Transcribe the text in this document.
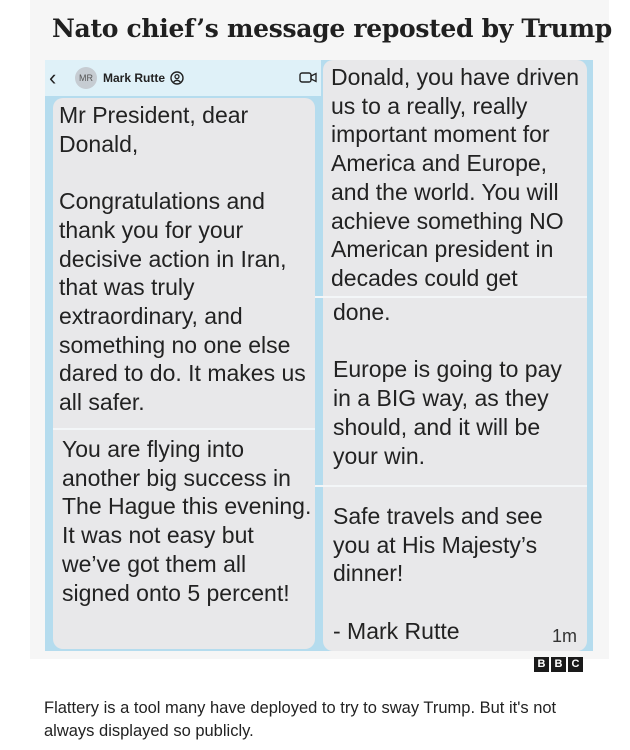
Nato chief’s message reposted by Trump
‹	MR Mark Rutte

Mr President, dear
Donald,

Congratulations and
thank you for your
decisive action in Iran,
that was truly
extraordinary, and
something no one else
dared to do. It makes us
all safer.

You are flying into
another big success in
The Hague this evening.
It was not easy but
we’ve got them all
signed onto 5 percent!

Donald, you have driven
us to a really, really
important moment for
America and Europe,
and the world. You will
achieve something NO
American president in
decades could get

done.

Europe is going to pay
in a BIG way, as they
should, and it will be
your win.

Safe travels and see
you at His Majesty’s
dinner!

- Mark Rutte	1m
B B C

Flattery is a tool many have deployed to try to sway Trump. But it's not always displayed so publicly.
